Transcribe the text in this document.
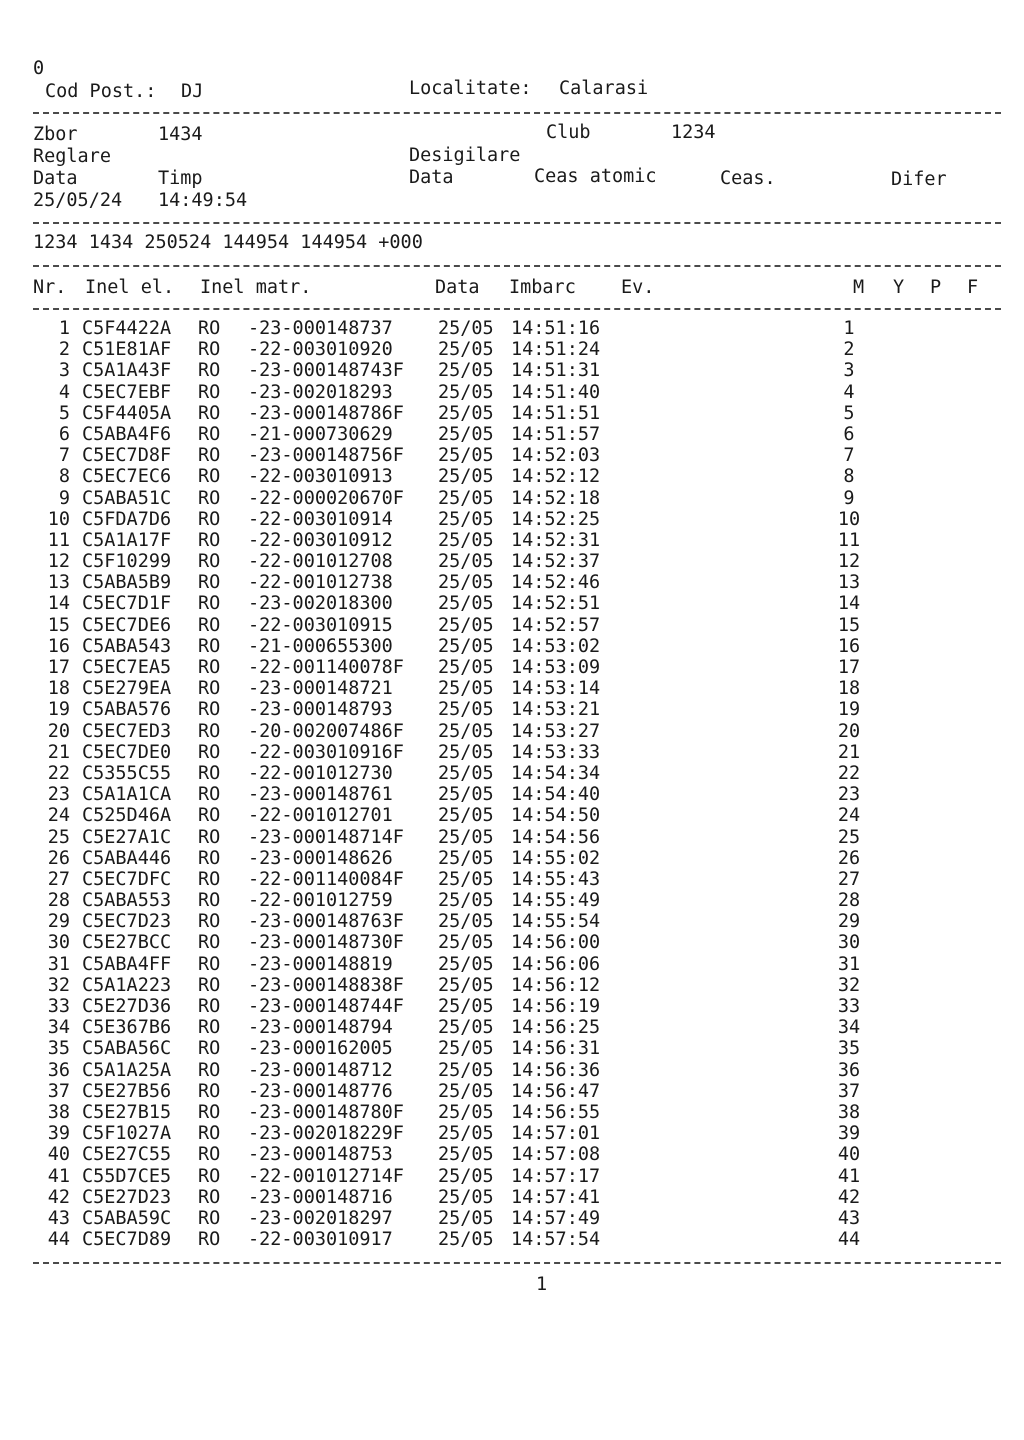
0
Cod Post.: DJ	Localitate: Calarasi
Zbor	1434	Club	1234
Reglare	Desigilare
Data	Timp	Data	Ceas atomic	Ceas.	Difer
25/05/24 14:49:54
1234 1434 250524 144954 144954 +000
Nr. Inel el. Inel matr.	Data Imbarc Ev.	M Y P F
1 C5F4422A RO -23-000148737 25/05 14:51:16	1
2 C51E81AF RO -22-003010920 25/05 14:51:24	2
3 C5A1A43F RO -23-000148743F 25/05 14:51:31	3
4 C5EC7EBF RO -23-002018293 25/05 14:51:40	4
5 C5F4405A RO -23-000148786F 25/05 14:51:51	5
6 C5ABA4F6 RO -21-000730629 25/05 14:51:57	6
7 C5EC7D8F RO -23-000148756F 25/05 14:52:03	7
8 C5EC7EC6 RO -22-003010913 25/05 14:52:12	8
9 C5ABA51C RO -22-000020670F 25/05 14:52:18	9
10 C5FDA7D6 RO -22-003010914 25/05 14:52:25	10
11 C5A1A17F RO -22-003010912 25/05 14:52:31	11
12 C5F10299 RO -22-001012708 25/05 14:52:37	12
13 C5ABA5B9 RO -22-001012738 25/05 14:52:46	13
14 C5EC7D1F RO -23-002018300 25/05 14:52:51	14
15 C5EC7DE6 RO -22-003010915 25/05 14:52:57	15
16 C5ABA543 RO -21-000655300 25/05 14:53:02	16
17 C5EC7EA5 RO -22-001140078F 25/05 14:53:09	17
18 C5E279EA RO -23-000148721 25/05 14:53:14	18
19 C5ABA576 RO -23-000148793 25/05 14:53:21	19
20 C5EC7ED3 RO -20-002007486F 25/05 14:53:27	20
21 C5EC7DE0 RO -22-003010916F 25/05 14:53:33	21
22 C5355C55 RO -22-001012730 25/05 14:54:34	22
23 C5A1A1CA RO -23-000148761 25/05 14:54:40	23
24 C525D46A RO -22-001012701 25/05 14:54:50	24
25 C5E27A1C RO -23-000148714F 25/05 14:54:56	25
26 C5ABA446 RO -23-000148626 25/05 14:55:02	26
27 C5EC7DFC RO -22-001140084F 25/05 14:55:43	27
28 C5ABA553 RO -22-001012759 25/05 14:55:49	28
29 C5EC7D23 RO -23-000148763F 25/05 14:55:54	29
30 C5E27BCC RO -23-000148730F 25/05 14:56:00	30
31 C5ABA4FF RO -23-000148819 25/05 14:56:06	31
32 C5A1A223 RO -23-000148838F 25/05 14:56:12	32
33 C5E27D36 RO -23-000148744F 25/05 14:56:19	33
34 C5E367B6 RO -23-000148794 25/05 14:56:25	34
35 C5ABA56C RO -23-000162005 25/05 14:56:31	35
36 C5A1A25A RO -23-000148712 25/05 14:56:36	36
37 C5E27B56 RO -23-000148776 25/05 14:56:47	37
38 C5E27B15 RO -23-000148780F 25/05 14:56:55	38
39 C5F1027A RO -23-002018229F 25/05 14:57:01	39
40 C5E27C55 RO -23-000148753 25/05 14:57:08	40
41 C55D7CE5 RO -22-001012714F 25/05 14:57:17	41
42 C5E27D23 RO -23-000148716 25/05 14:57:41	42
43 C5ABA59C RO -23-002018297 25/05 14:57:49	43
44 C5EC7D89 RO -22-003010917 25/05 14:57:54	44
1
